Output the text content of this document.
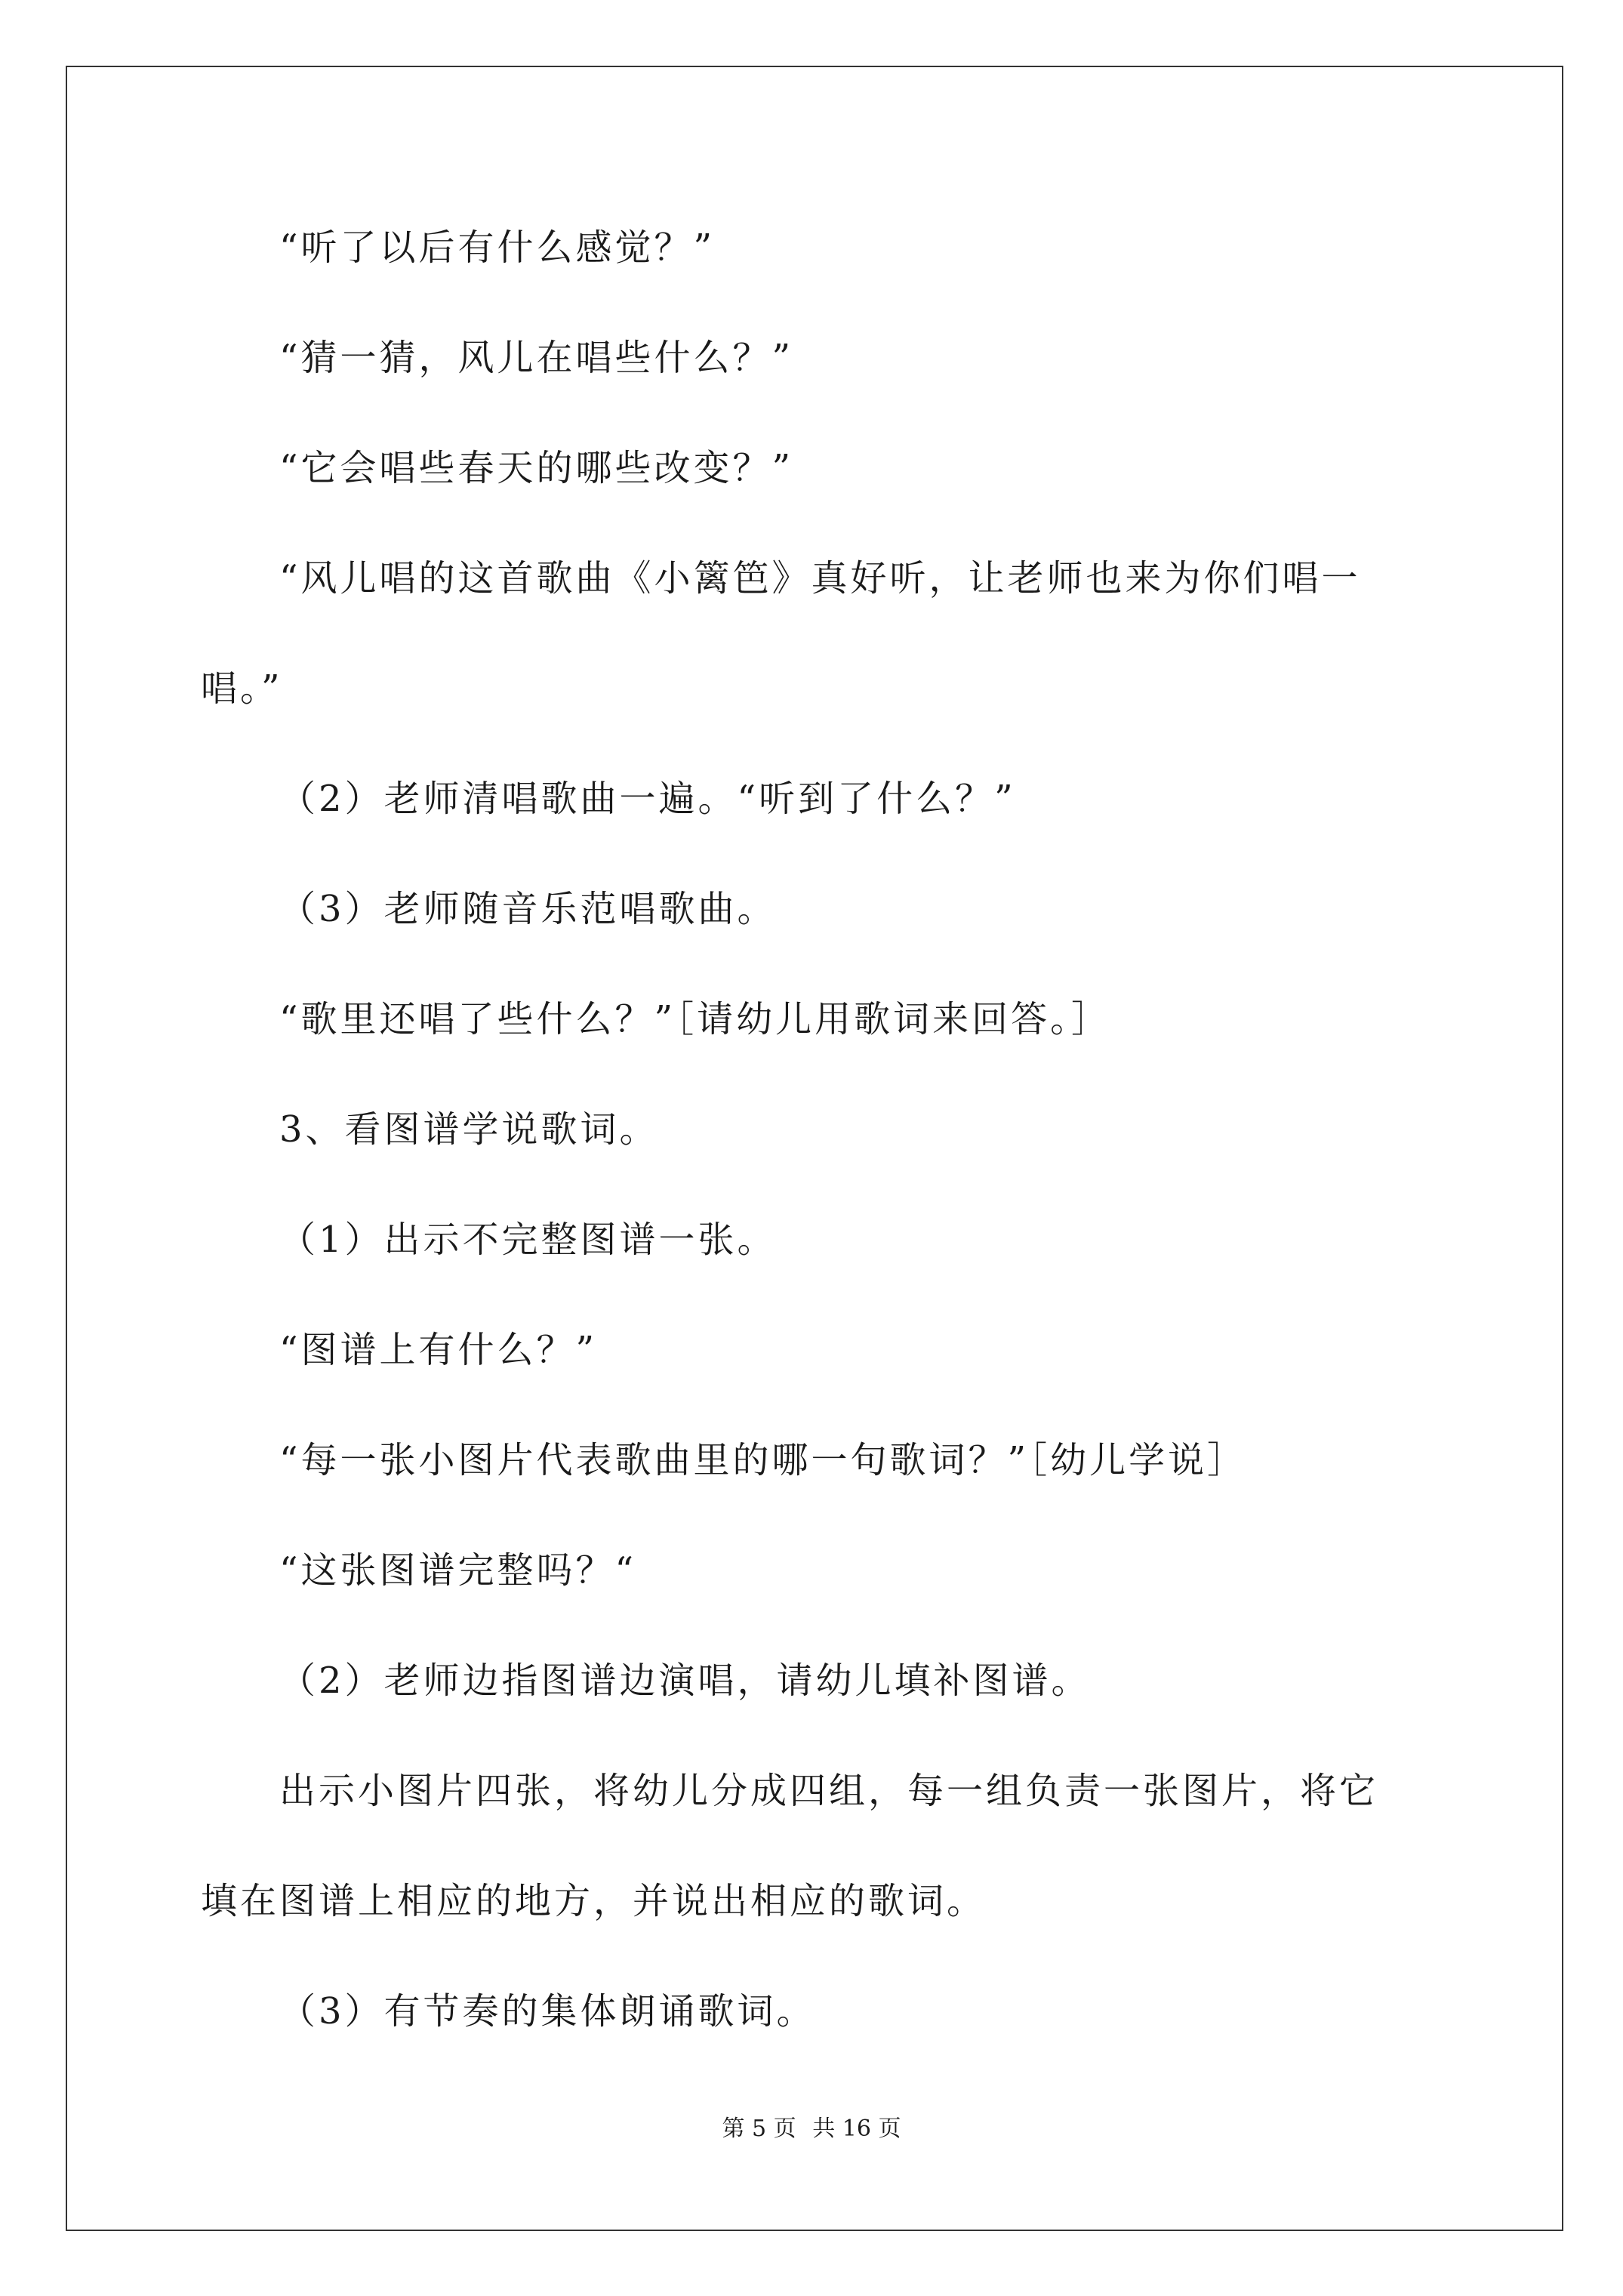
“听了以后有什么感觉？”
“猜一猜，风儿在唱些什么？”
“它会唱些春天的哪些改变？”
“风儿唱的这首歌曲《小篱笆》真好听，让老师也来为你们唱一
唱。”
（2）老师清唱歌曲一遍。“听到了什么？”
（3）老师随音乐范唱歌曲。
“歌里还唱了些什么？”［请幼儿用歌词来回答。］
3、看图谱学说歌词。
（1）出示不完整图谱一张。
“图谱上有什么？”
“每一张小图片代表歌曲里的哪一句歌词？”［幼儿学说］
“这张图谱完整吗？“
（2）老师边指图谱边演唱，请幼儿填补图谱。
出示小图片四张，将幼儿分成四组，每一组负责一张图片，将它
填在图谱上相应的地方，并说出相应的歌词。
（3）有节奏的集体朗诵歌词。
第 5 页 共 16 页
